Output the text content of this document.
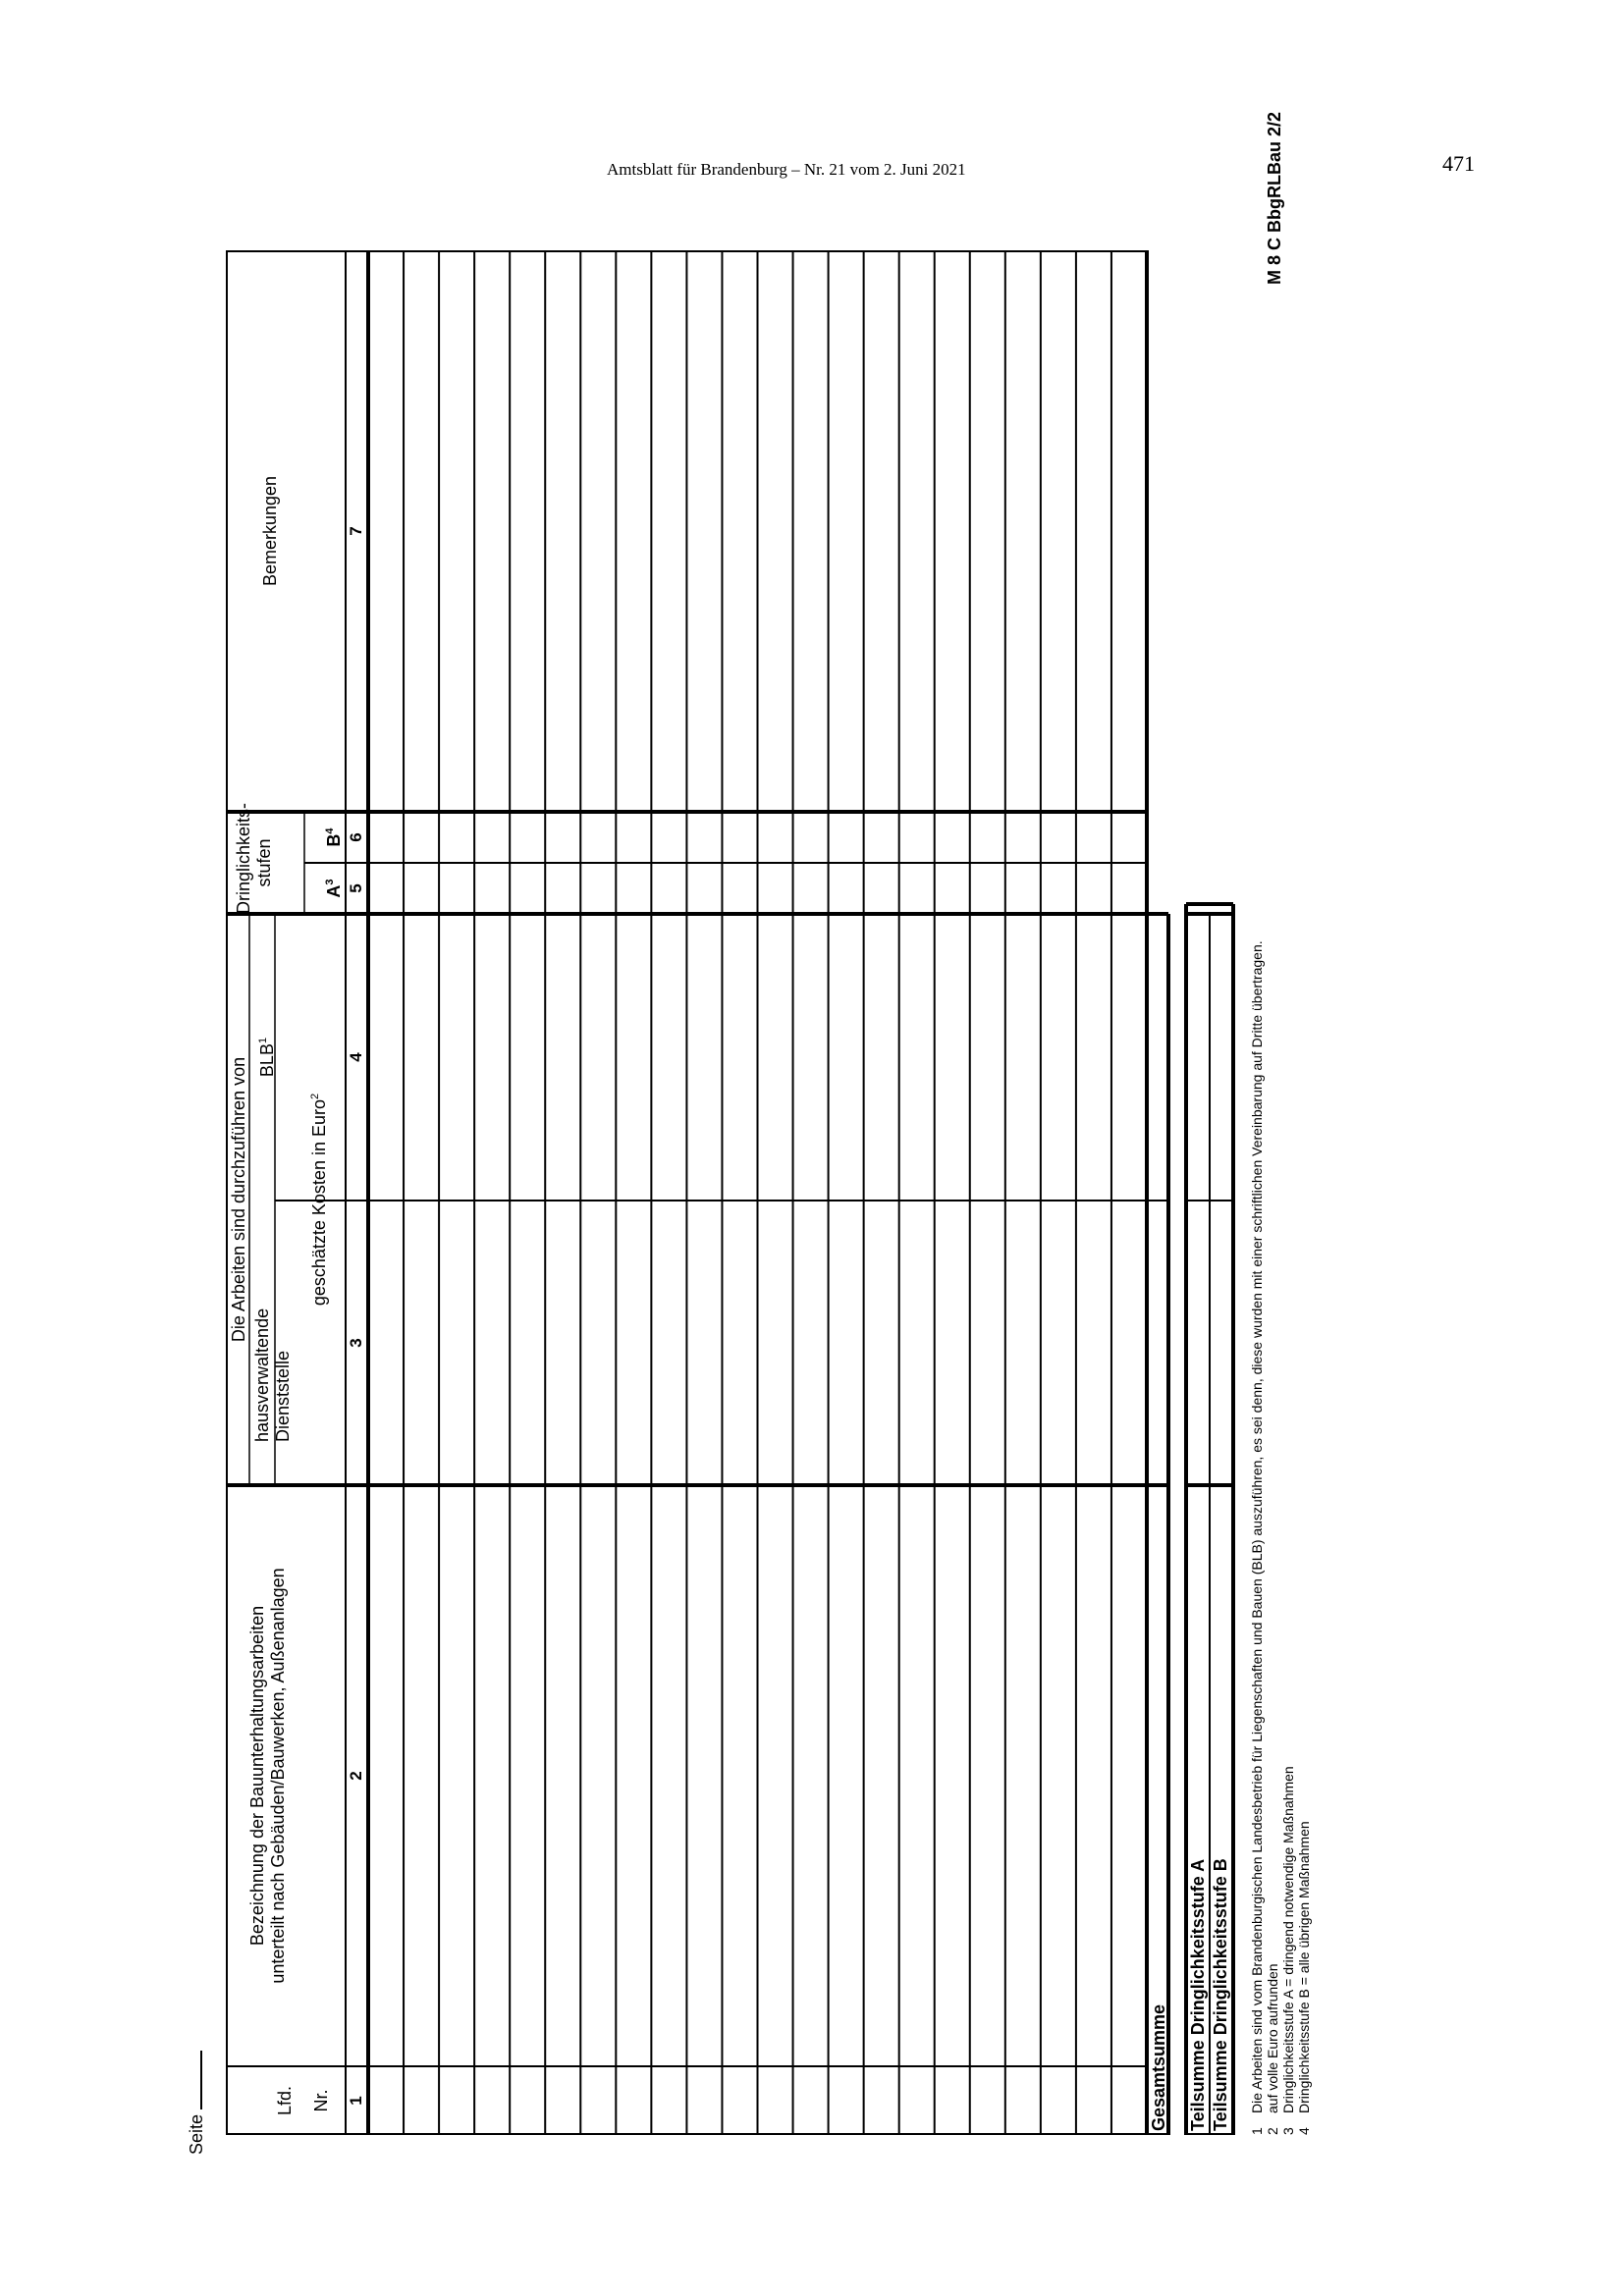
Amtsblatt für Brandenburg – Nr. 21 vom 2. Juni 2021	471
Seite
M 8 C BbgRLBau 2/2
Lfd. Nr.
Bezeichnung der Bauunterhaltungsarbeiten unterteilt nach Gebäuden/Bauwerken, Außenanlagen
Die Arbeiten sind durchzuführen von
hausverwaltende Dienststelle
BLB$^1$
geschätzte Kosten in Euro$^2$
Dringlichkeits- stufen
$A^3$
$B^4$
Bemerkungen
1
2
3
4
5
6
7
Gesamtsumme Teilsumme Dringlichkeitsstufe A Teilsumme Dringlichkeitsstufe B
1Die Arbeiten sind vom Brandenburgischen Landesbetrieb für Liegenschaften und Bauen (BLB) auszuführen, es sei denn, diese wurden mit einer schriftlichen Vereinbarung auf Dritte übertragen.
2auf volle Euro aufrunden
3Dringlichkeitsstufe A = dringend notwendige Maßnahmen
4Dringlichkeitsstufe B = alle übrigen Maßnahmen
